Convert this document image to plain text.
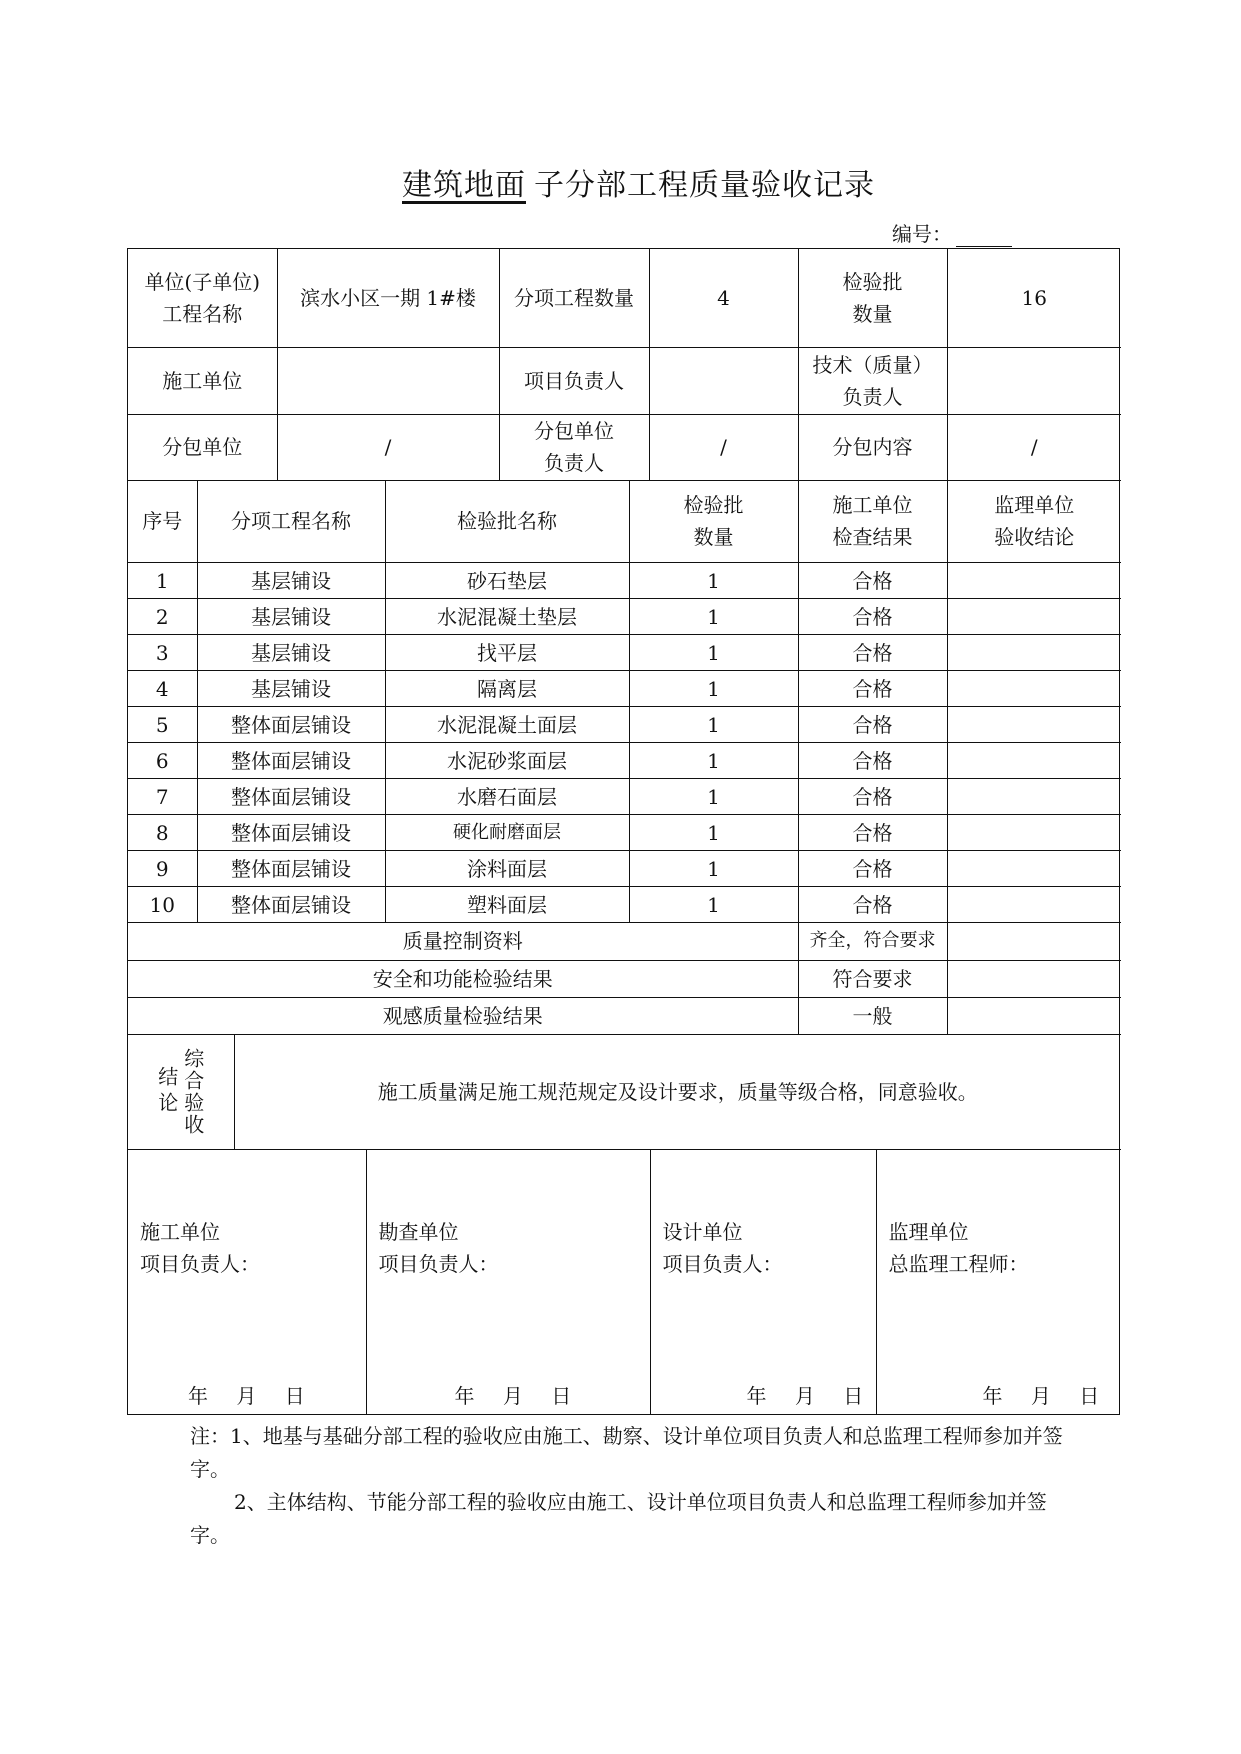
建筑地面 子分部工程质量验收记录
编号：
单位(子单位)工程名称	滨水小区一期 1#楼	分项工程数量	4	检验批数量	16
施工单位		项目负责人		技术（质量）负责人	
分包单位	/	分包单位负责人	/	分包内容	/
序号	分项工程名称	检验批名称	检验批数量	施工单位检查结果	监理单位验收结论
1	基层铺设	砂石垫层	1	合格	
2	基层铺设	水泥混凝土垫层	1	合格	
3	基层铺设	找平层	1	合格	
4	基层铺设	隔离层	1	合格	
5	整体面层铺设	水泥混凝土面层	1	合格	
6	整体面层铺设	水泥砂浆面层	1	合格	
7	整体面层铺设	水磨石面层	1	合格	
8	整体面层铺设	硬化耐磨面层	1	合格	
9	整体面层铺设	涂料面层	1	合格	
10	整体面层铺设	塑料面层	1	合格	
质量控制资料	齐全，符合要求	
安全和功能检验结果	符合要求	
观感质量检验结果	一般	
结论 综合验收	施工质量满足施工规范规定及设计要求，质量等级合格，同意验收。
施工单位
项目负责人：
年 月 日

勘查单位
项目负责人：
年 月 日

设计单位
项目负责人：
年 月 日

监理单位
总监理工程师：
年 月 日

注：1、地基与基础分部工程的验收应由施工、勘察、设计单位项目负责人和总监理工程师参加并签字。

2、主体结构、节能分部工程的验收应由施工、设计单位项目负责人和总监理工程师参加并签字。
